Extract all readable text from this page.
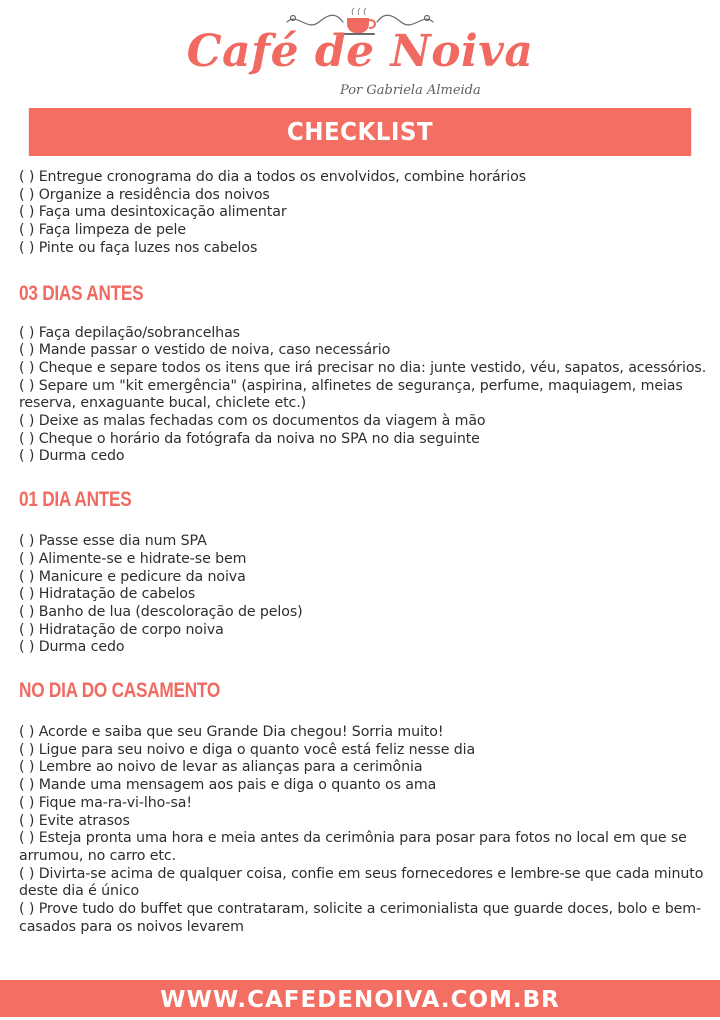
Café de Noiva
Por Gabriela Almeida
CHECKLIST
( ) Entregue cronograma do dia a todos os envolvidos, combine horários
( ) Organize a residência dos noivos
( ) Faça uma desintoxicação alimentar
( ) Faça limpeza de pele
( ) Pinte ou faça luzes nos cabelos
03 DIAS ANTES
( ) Faça depilação/sobrancelhas
( ) Mande passar o vestido de noiva, caso necessário
( ) Cheque e separe todos os itens que irá precisar no dia: junte vestido, véu, sapatos, acessórios.
( ) Separe um "kit emergência" (aspirina, alfinetes de segurança, perfume, maquiagem, meias reserva, enxaguante bucal, chiclete etc.)
( ) Deixe as malas fechadas com os documentos da viagem à mão
( ) Cheque o horário da fotógrafa da noiva no SPA no dia seguinte
( ) Durma cedo
01 DIA ANTES
( ) Passe esse dia num SPA
( ) Alimente-se e hidrate-se bem
( ) Manicure e pedicure da noiva
( ) Hidratação de cabelos
( ) Banho de lua (descoloração de pelos)
( ) Hidratação de corpo noiva
( ) Durma cedo
NO DIA DO CASAMENTO
( ) Acorde e saiba que seu Grande Dia chegou! Sorria muito!
( ) Ligue para seu noivo e diga o quanto você está feliz nesse dia
( ) Lembre ao noivo de levar as alianças para a cerimônia
( ) Mande uma mensagem aos pais e diga o quanto os ama
( ) Fique ma-ra-vi-lho-sa!
( ) Evite atrasos
( ) Esteja pronta uma hora e meia antes da cerimônia para posar para fotos no local em que se arrumou, no carro etc.
( ) Divirta-se acima de qualquer coisa, confie em seus fornecedores e lembre-se que cada minuto deste dia é único
( ) Prove tudo do buffet que contrataram, solicite a cerimonialista que guarde doces, bolo e bem-casados para os noivos levarem
WWW.CAFEDENOIVA.COM.BR
